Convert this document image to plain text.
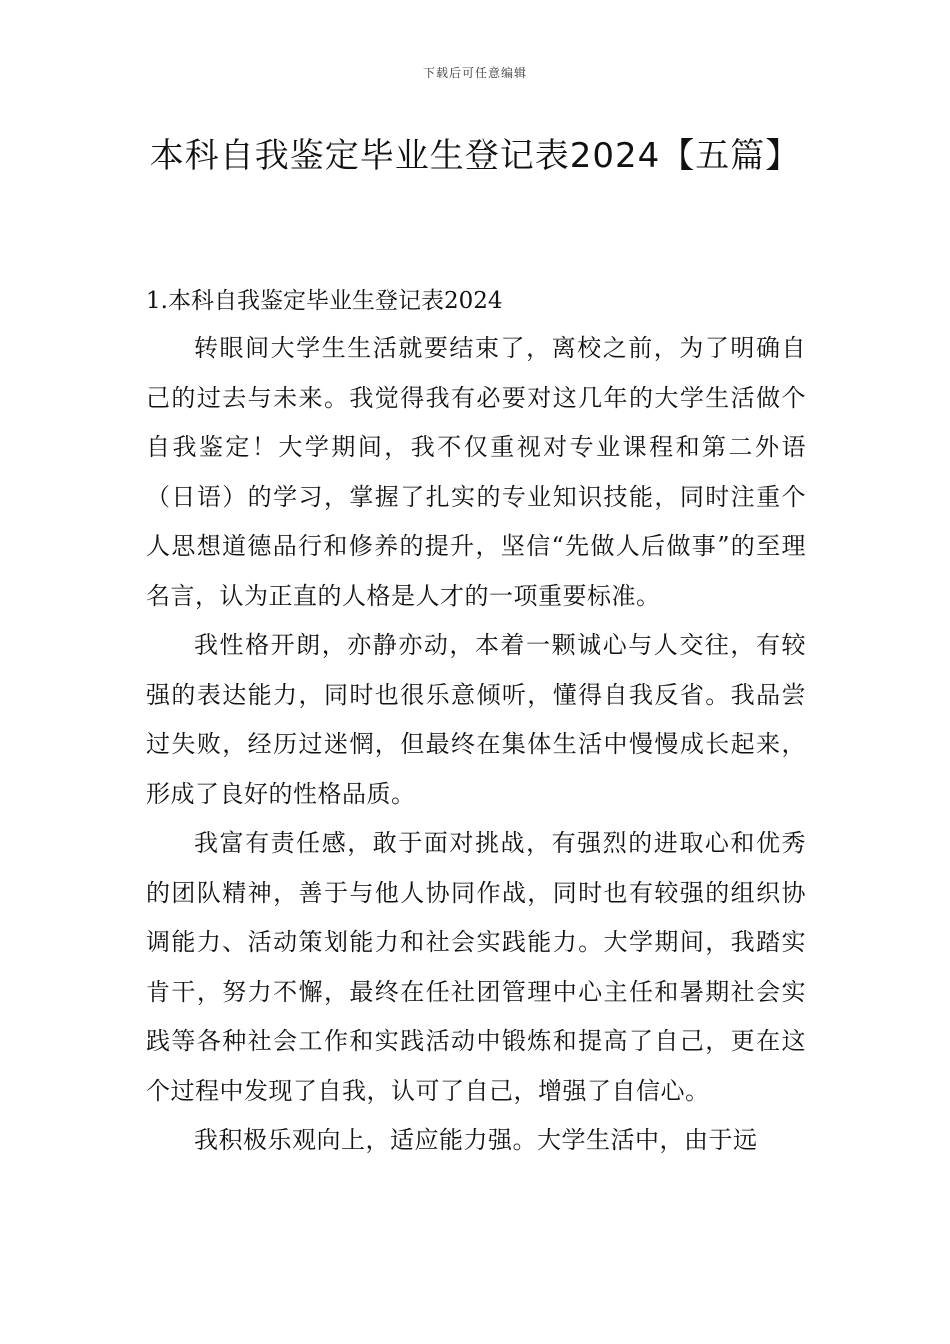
下载后可任意编辑
本科自我鉴定毕业生登记表2024【五篇】

1.本科自我鉴定毕业生登记表2024

转眼间大学生生活就要结束了，离校之前，为了明确自己的过去与未来。我觉得我有必要对这几年的大学生活做个自我鉴定！大学期间，我不仅重视对专业课程和第二外语（日语）的学习，掌握了扎实的专业知识技能，同时注重个人思想道德品行和修养的提升，坚信“先做人后做事”的至理名言，认为正直的人格是人才的一项重要标准。

我性格开朗，亦静亦动，本着一颗诚心与人交往，有较强的表达能力，同时也很乐意倾听，懂得自我反省。我品尝过失败，经历过迷惘，但最终在集体生活中慢慢成长起来，形成了良好的性格品质。

我富有责任感，敢于面对挑战，有强烈的进取心和优秀的团队精神，善于与他人协同作战，同时也有较强的组织协调能力、活动策划能力和社会实践能力。大学期间，我踏实肯干，努力不懈，最终在任社团管理中心主任和暑期社会实践等各种社会工作和实践活动中锻炼和提高了自己，更在这个过程中发现了自我，认可了自己，增强了自信心。

我积极乐观向上，适应能力强。大学生活中，由于远
